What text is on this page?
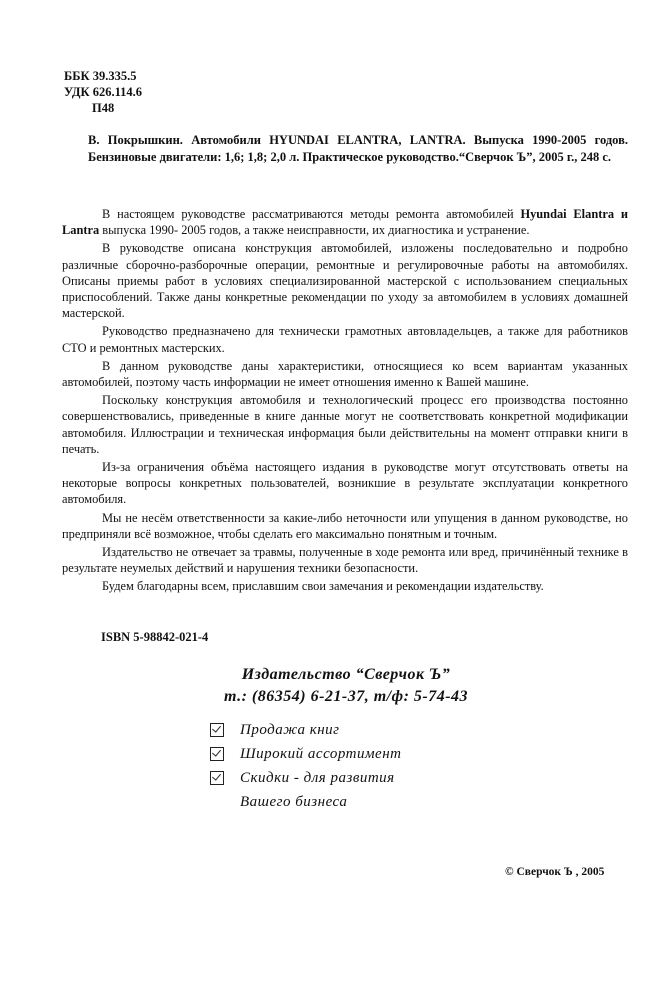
ББК 39.335.5
УДК 626.114.6
П48
В. Покрышкин. Автомобили HYUNDAI ELANTRA, LANTRA. Выпуска 1990-2005 годов. Бензиновые двигатели: 1,6; 1,8; 2,0 л. Практическое руководство.“Сверчок Ъ”, 2005 г., 248 с.

В настоящем руководстве рассматриваются методы ремонта автомобилей Hyundai Elantra и Lantra выпуска 1990- 2005 годов, а также неисправности, их диагностика и устранение.

В руководстве описана конструкция автомобилей, изложены последовательно и подробно различные сборочно-разборочные операции, ремонтные и регулировочные работы на автомобилях. Описаны приемы работ в условиях специализированной мастерской с использованием специальных приспособлений. Также даны конкретные рекомендации по уходу за автомобилем в условиях домашней мастерской.

Руководство предназначено для технически грамотных автовладельцев, а также для работников СТО и ремонтных мастерских.

В данном руководстве даны характеристики, относящиеся ко всем вариантам указанных автомобилей, поэтому часть информации не имеет отношения именно к Вашей машине.

Поскольку конструкция автомобиля и технологический процесс его производства постоянно совершенствовались, приведенные в книге данные могут не соответствовать конкретной модификации автомобиля. Иллюстрации и техническая информация были действительны на момент отправки книги в печать.

Из-за ограничения объёма настоящего издания в руководстве могут отсутствовать ответы на некоторые вопросы конкретных пользователей, возникшие в результате эксплуатации конкретного автомобиля.

Мы не несём ответственности за какие-либо неточности или упущения в данном руководстве, но предприняли всё возможное, чтобы сделать его максимально понятным и точным.

Издательство не отвечает за травмы, полученные в ходе ремонта или вред, причинённый технике в результате неумелых действий и нарушения техники безопасности.

Будем благодарны всем, приславшим свои замечания и рекомендации издательству.

ISBN 5-98842-021-4
Издательство “Сверчок Ъ”
т.: (86354) 6-21-37, т/ф: 5-74-43
Продажа книг
Широкий ассортимент
Скидки - для развития
Вашего бизнеса
© Сверчок Ъ , 2005
